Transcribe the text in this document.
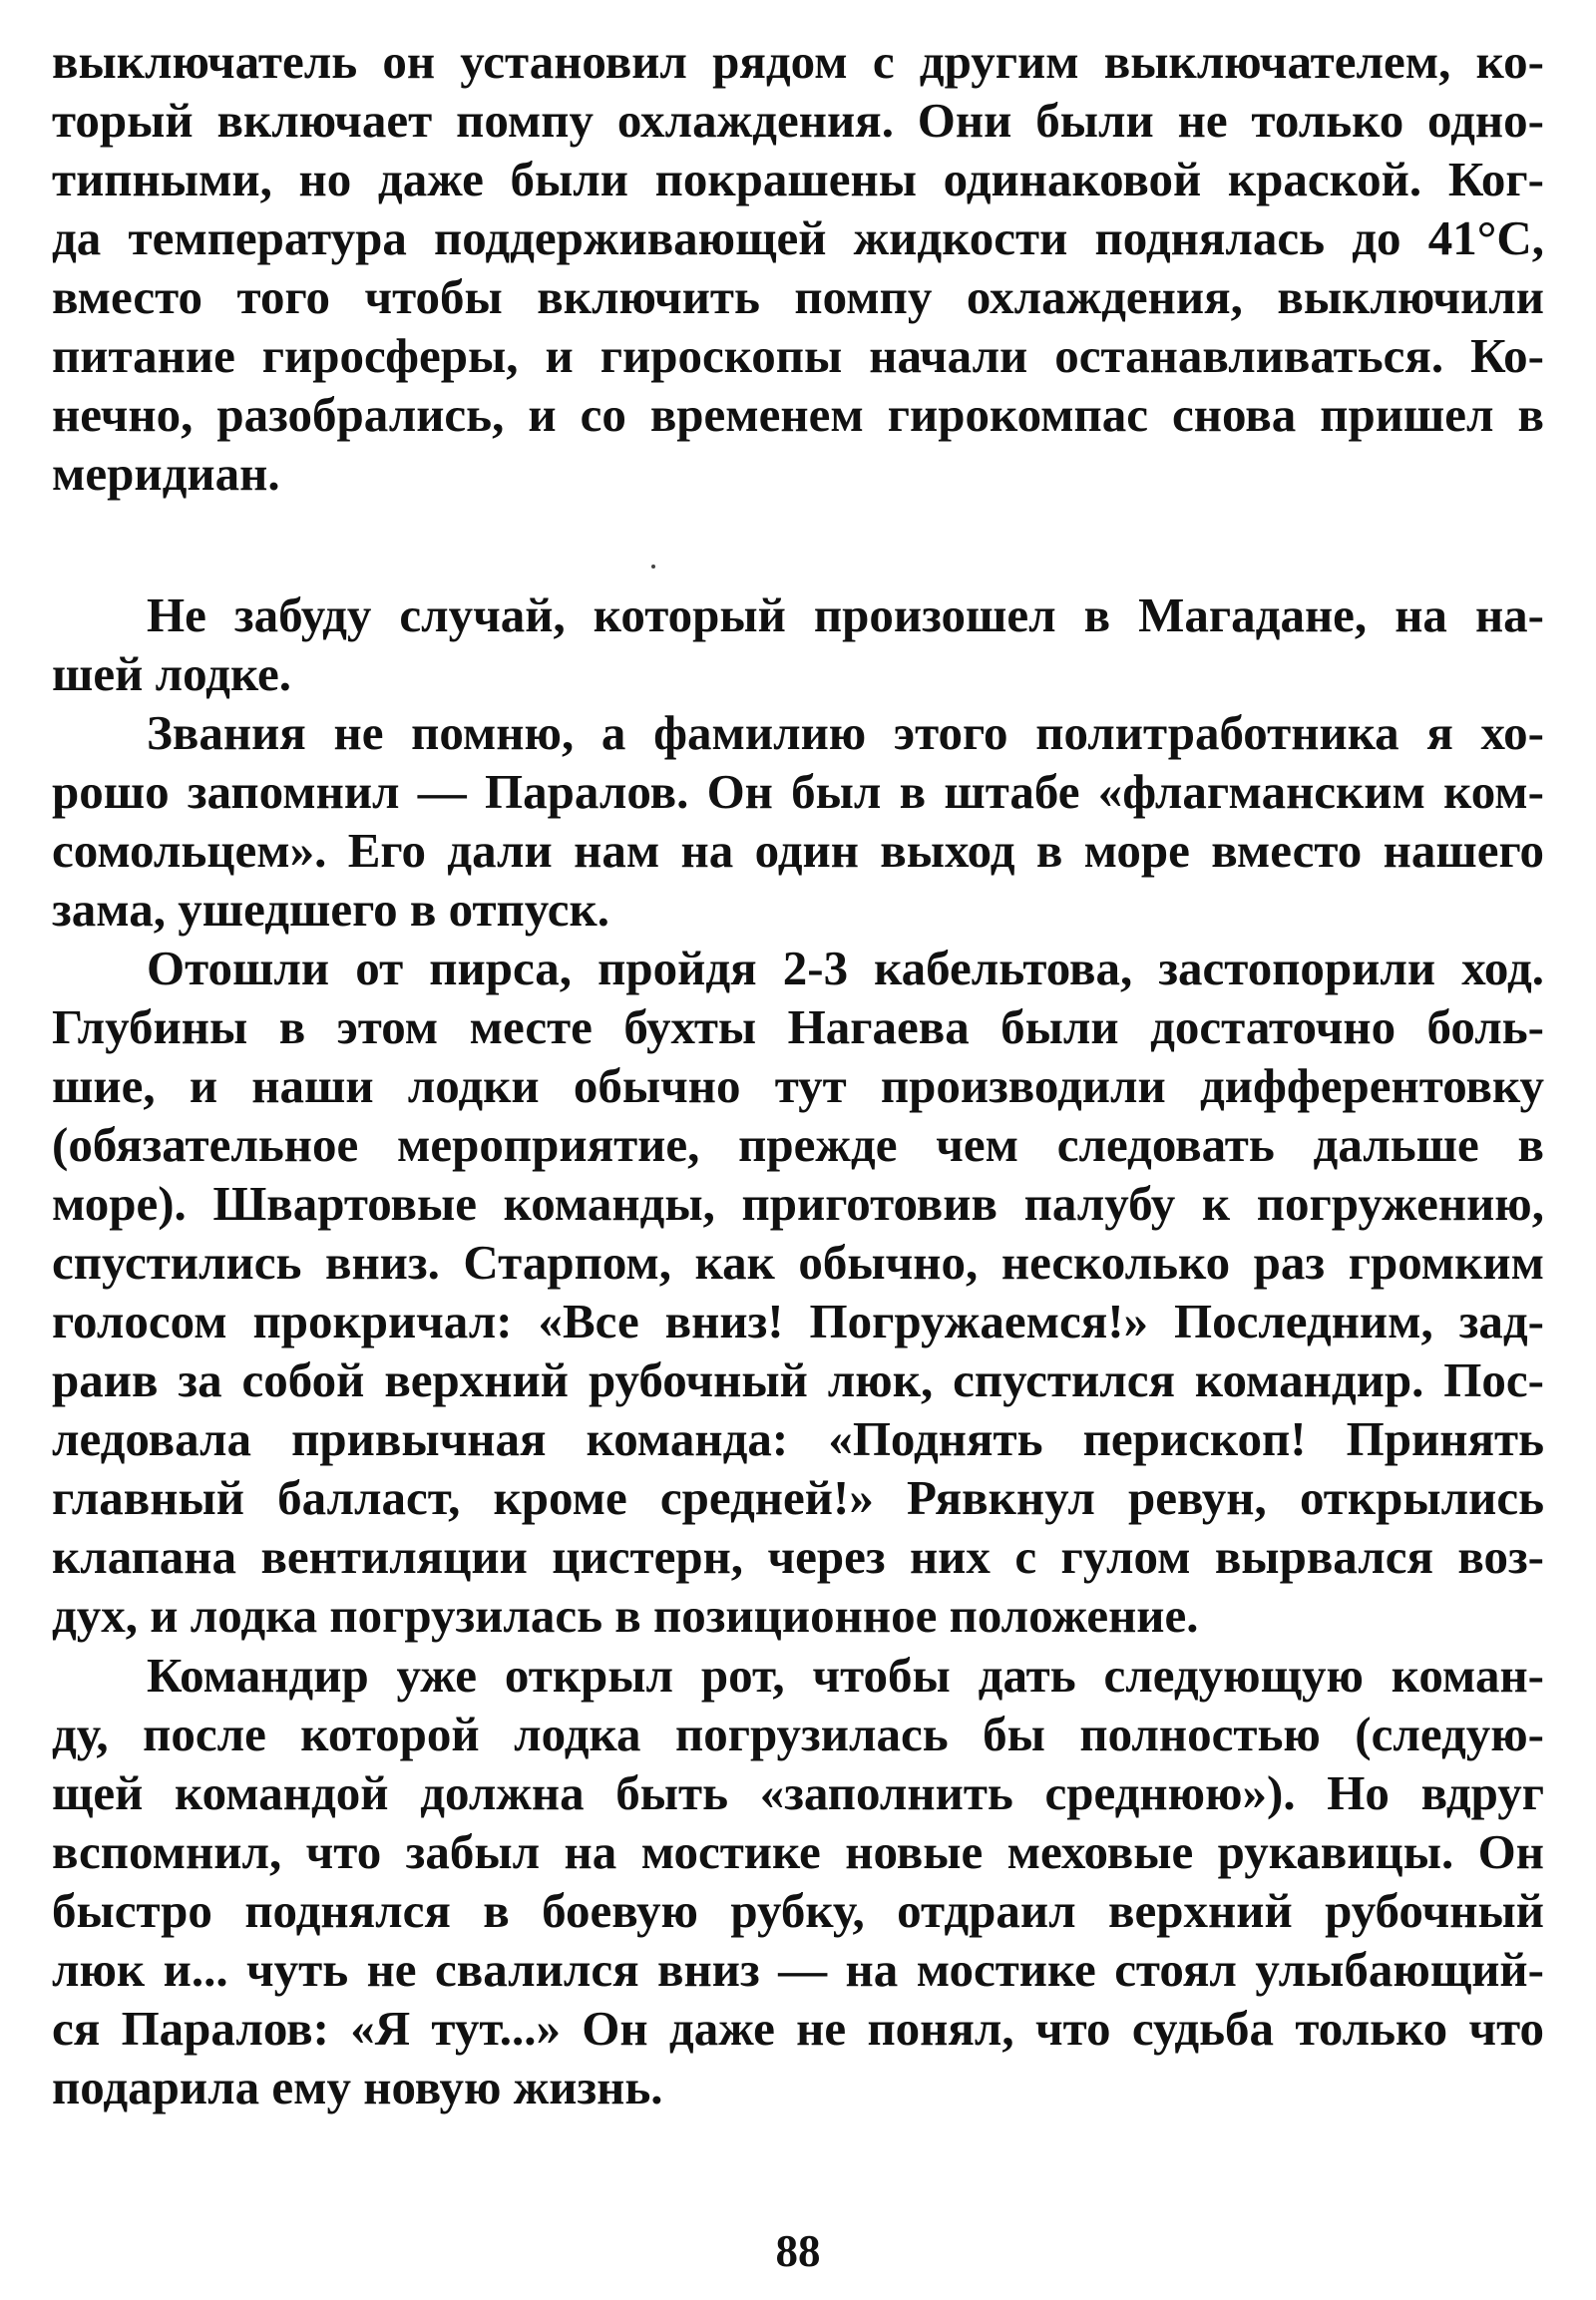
выключатель он установил рядом с другим выключателем, ко-
торый включает помпу охлаждения. Они были не только одно-
типными, но даже были покрашены одинаковой краской. Ког-
да температура поддерживающей жидкости поднялась до 41°С,
вместо того чтобы включить помпу охлаждения, выключили
питание гиросферы, и гироскопы начали останавливаться. Ко-
нечно, разобрались, и со временем гирокомпас снова пришел в
меридиан.
Не забуду случай, который произошел в Магадане, на на-
шей лодке.
Звания не помню, а фамилию этого политработника я хо-
рошо запомнил — Паралов. Он был в штабе «флагманским ком-
сомольцем». Его дали нам на один выход в море вместо нашего
зама, ушедшего в отпуск.
Отошли от пирса, пройдя 2-3 кабельтова, застопорили ход.
Глубины в этом месте бухты Нагаева были достаточно боль-
шие, и наши лодки обычно тут производили дифферентовку
(обязательное мероприятие, прежде чем следовать дальше в
море). Швартовые команды, приготовив палубу к погружению,
спустились вниз. Старпом, как обычно, несколько раз громким
голосом прокричал: «Все вниз! Погружаемся!» Последним, зад-
раив за собой верхний рубочный люк, спустился командир. Пос-
ледовала привычная команда: «Поднять перископ! Принять
главный балласт, кроме средней!» Рявкнул ревун, открылись
клапана вентиляции цистерн, через них с гулом вырвался воз-
дух, и лодка погрузилась в позиционное положение.
Командир уже открыл рот, чтобы дать следующую коман-
ду, после которой лодка погрузилась бы полностью (следую-
щей командой должна быть «заполнить среднюю»). Но вдруг
вспомнил, что забыл на мостике новые меховые рукавицы. Он
быстро поднялся в боевую рубку, отдраил верхний рубочный
люк и... чуть не свалился вниз — на мостике стоял улыбающий-
ся Паралов: «Я тут...» Он даже не понял, что судьба только что
подарила ему новую жизнь.
88
